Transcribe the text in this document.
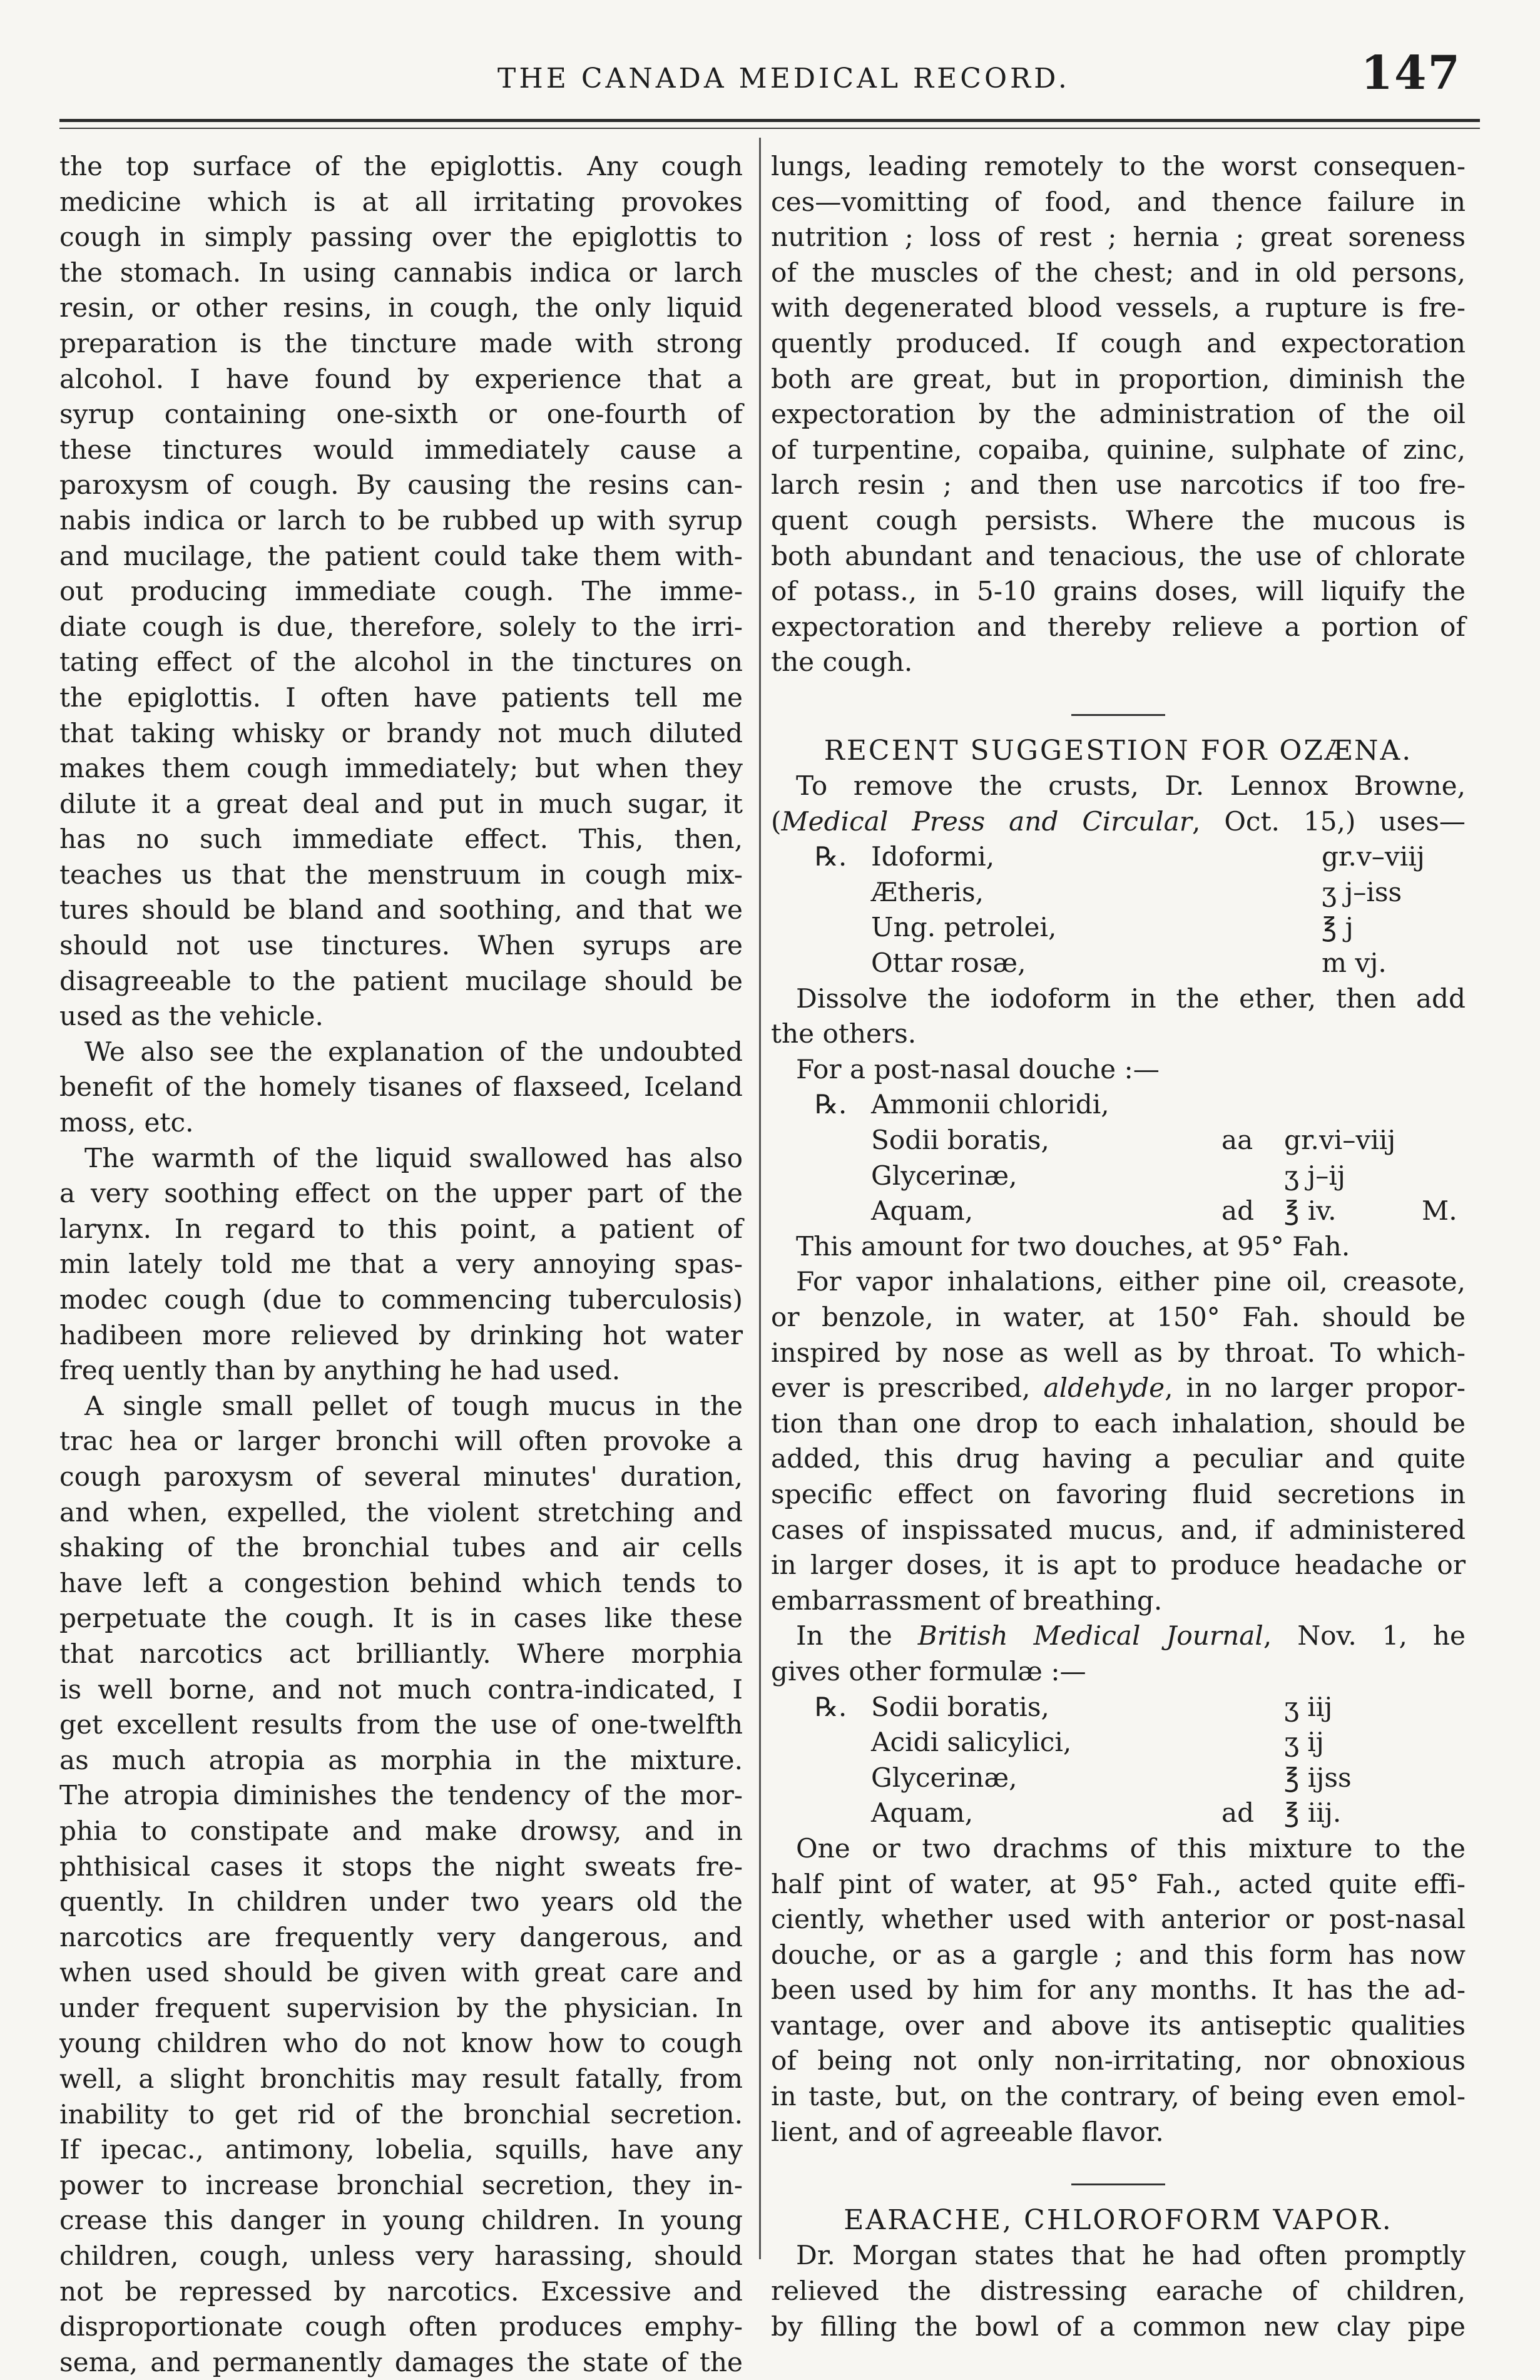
THE CANADA MEDICAL RECORD.	147
the top surface of the epiglottis. Any cough
medicine which is at all irritating provokes
cough in simply passing over the epiglottis to
the stomach. In using cannabis indica or larch
resin, or other resins, in cough, the only liquid
preparation is the tincture made with strong
alcohol. I have found by experience that a
syrup containing one-sixth or one-fourth of
these tinctures would immediately cause a
paroxysm of cough. By causing the resins can-
nabis indica or larch to be rubbed up with syrup
and mucilage, the patient could take them with-
out producing immediate cough. The imme-
diate cough is due, therefore, solely to the irri-
tating effect of the alcohol in the tinctures on
the epiglottis. I often have patients tell me
that taking whisky or brandy not much diluted
makes them cough immediately; but when they
dilute it a great deal and put in much sugar, it
has no such immediate effect. This, then,
teaches us that the menstruum in cough mix-
tures should be bland and soothing, and that we
should not use tinctures. When syrups are
disagreeable to the patient mucilage should be
used as the vehicle.
We also see the explanation of the undoubted
benefit of the homely tisanes of flaxseed, Iceland
moss, etc.
The warmth of the liquid swallowed has also
a very soothing effect on the upper part of the
larynx. In regard to this point, a patient of
min lately told me that a very annoying spas-
modec cough (due to commencing tuberculosis)
hadibeen more relieved by drinking hot water
freq uently than by anything he had used.
A single small pellet of tough mucus in the
trac hea or larger bronchi will often provoke a
cough paroxysm of several minutes' duration,
and when, expelled, the violent stretching and
shaking of the bronchial tubes and air cells
have left a congestion behind which tends to
perpetuate the cough. It is in cases like these
that narcotics act brilliantly. Where morphia
is well borne, and not much contra-indicated, I
get excellent results from the use of one-twelfth
as much atropia as morphia in the mixture.
The atropia diminishes the tendency of the mor-
phia to constipate and make drowsy, and in
phthisical cases it stops the night sweats fre-
quently. In children under two years old the
narcotics are frequently very dangerous, and
when used should be given with great care and
under frequent supervision by the physician. In
young children who do not know how to cough
well, a slight bronchitis may result fatally, from
inability to get rid of the bronchial secretion.
If ipecac., antimony, lobelia, squills, have any
power to increase bronchial secretion, they in-
crease this danger in young children. In young
children, cough, unless very harassing, should
not be repressed by narcotics. Excessive and
disproportionate cough often produces emphy-
sema, and permanently damages the state of the
lungs, leading remotely to the worst consequen-
ces—vomitting of food, and thence failure in
nutrition ; loss of rest ; hernia ; great soreness
of the muscles of the chest; and in old persons,
with degenerated blood vessels, a rupture is fre-
quently produced. If cough and expectoration
both are great, but in proportion, diminish the
expectoration by the administration of the oil
of turpentine, copaiba, quinine, sulphate of zinc,
larch resin ; and then use narcotics if too fre-
quent cough persists. Where the mucous is
both abundant and tenacious, the use of chlorate
of potass., in 5-10 grains doses, will liquify the
expectoration and thereby relieve a portion of
the cough.
RECENT SUGGESTION FOR OZÆNA.
To remove the crusts, Dr. Lennox Browne,
(Medical Press and Circular, Oct. 15,) uses—
℞. Idoformi,	gr.v–viij
Ætheris,	ʒ j–iss
Ung. petrolei,	℥ j
Ottar rosæ,	m vj.
Dissolve the iodoform in the ether, then add
the others.
For a post-nasal douche :—
℞. Ammonii chloridi,
Sodii boratis,	aa gr.vi–viij
Glycerinæ,	ʒ j–ij
Aquam,	ad ℥ iv.	M.
This amount for two douches, at 95° Fah.
For vapor inhalations, either pine oil, creasote,
or benzole, in water, at 150° Fah. should be
inspired by nose as well as by throat. To which-
ever is prescribed, aldehyde, in no larger propor-
tion than one drop to each inhalation, should be
added, this drug having a peculiar and quite
specific effect on favoring fluid secretions in
cases of inspissated mucus, and, if administered
in larger doses, it is apt to produce headache or
embarrassment of breathing.
In the British Medical Journal, Nov. 1, he
gives other formulæ :—
℞. Sodii boratis,	ʒ iij
Acidi salicylici,	ʒ ij
Glycerinæ,	℥ ijss
Aquam,	ad ℥ iij.
One or two drachms of this mixture to the
half pint of water, at 95° Fah., acted quite effi-
ciently, whether used with anterior or post-nasal
douche, or as a gargle ; and this form has now
been used by him for any months. It has the ad-
vantage, over and above its antiseptic qualities
of being not only non-irritating, nor obnoxious
in taste, but, on the contrary, of being even emol-
lient, and of agreeable flavor.
EARACHE, CHLOROFORM VAPOR.
Dr. Morgan states that he had often promptly
relieved the distressing earache of children,
by filling the bowl of a common new clay pipe
